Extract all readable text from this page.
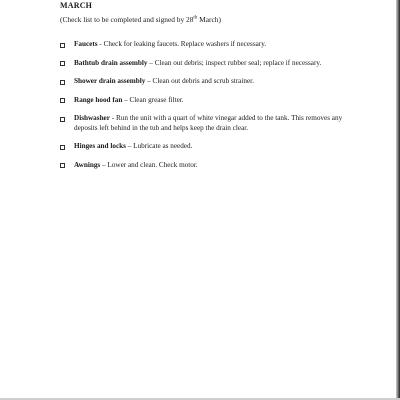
MARCH
(Check list to be completed and signed by 28th March)
Faucets - Check for leaking faucets. Replace washers if necessary.
Bathtub drain assembly – Clean out debris; inspect rubber seal; replace if necessary.
Shower drain assembly – Clean out debris and scrub strainer.
Range hood fan – Clean grease filter.
Dishwasher - Run the unit with a quart of white vinegar added to the tank. This removes any deposits left behind in the tub and helps keep the drain clear.
Hinges and locks – Lubricate as needed.
Awnings – Lower and clean. Check motor.
